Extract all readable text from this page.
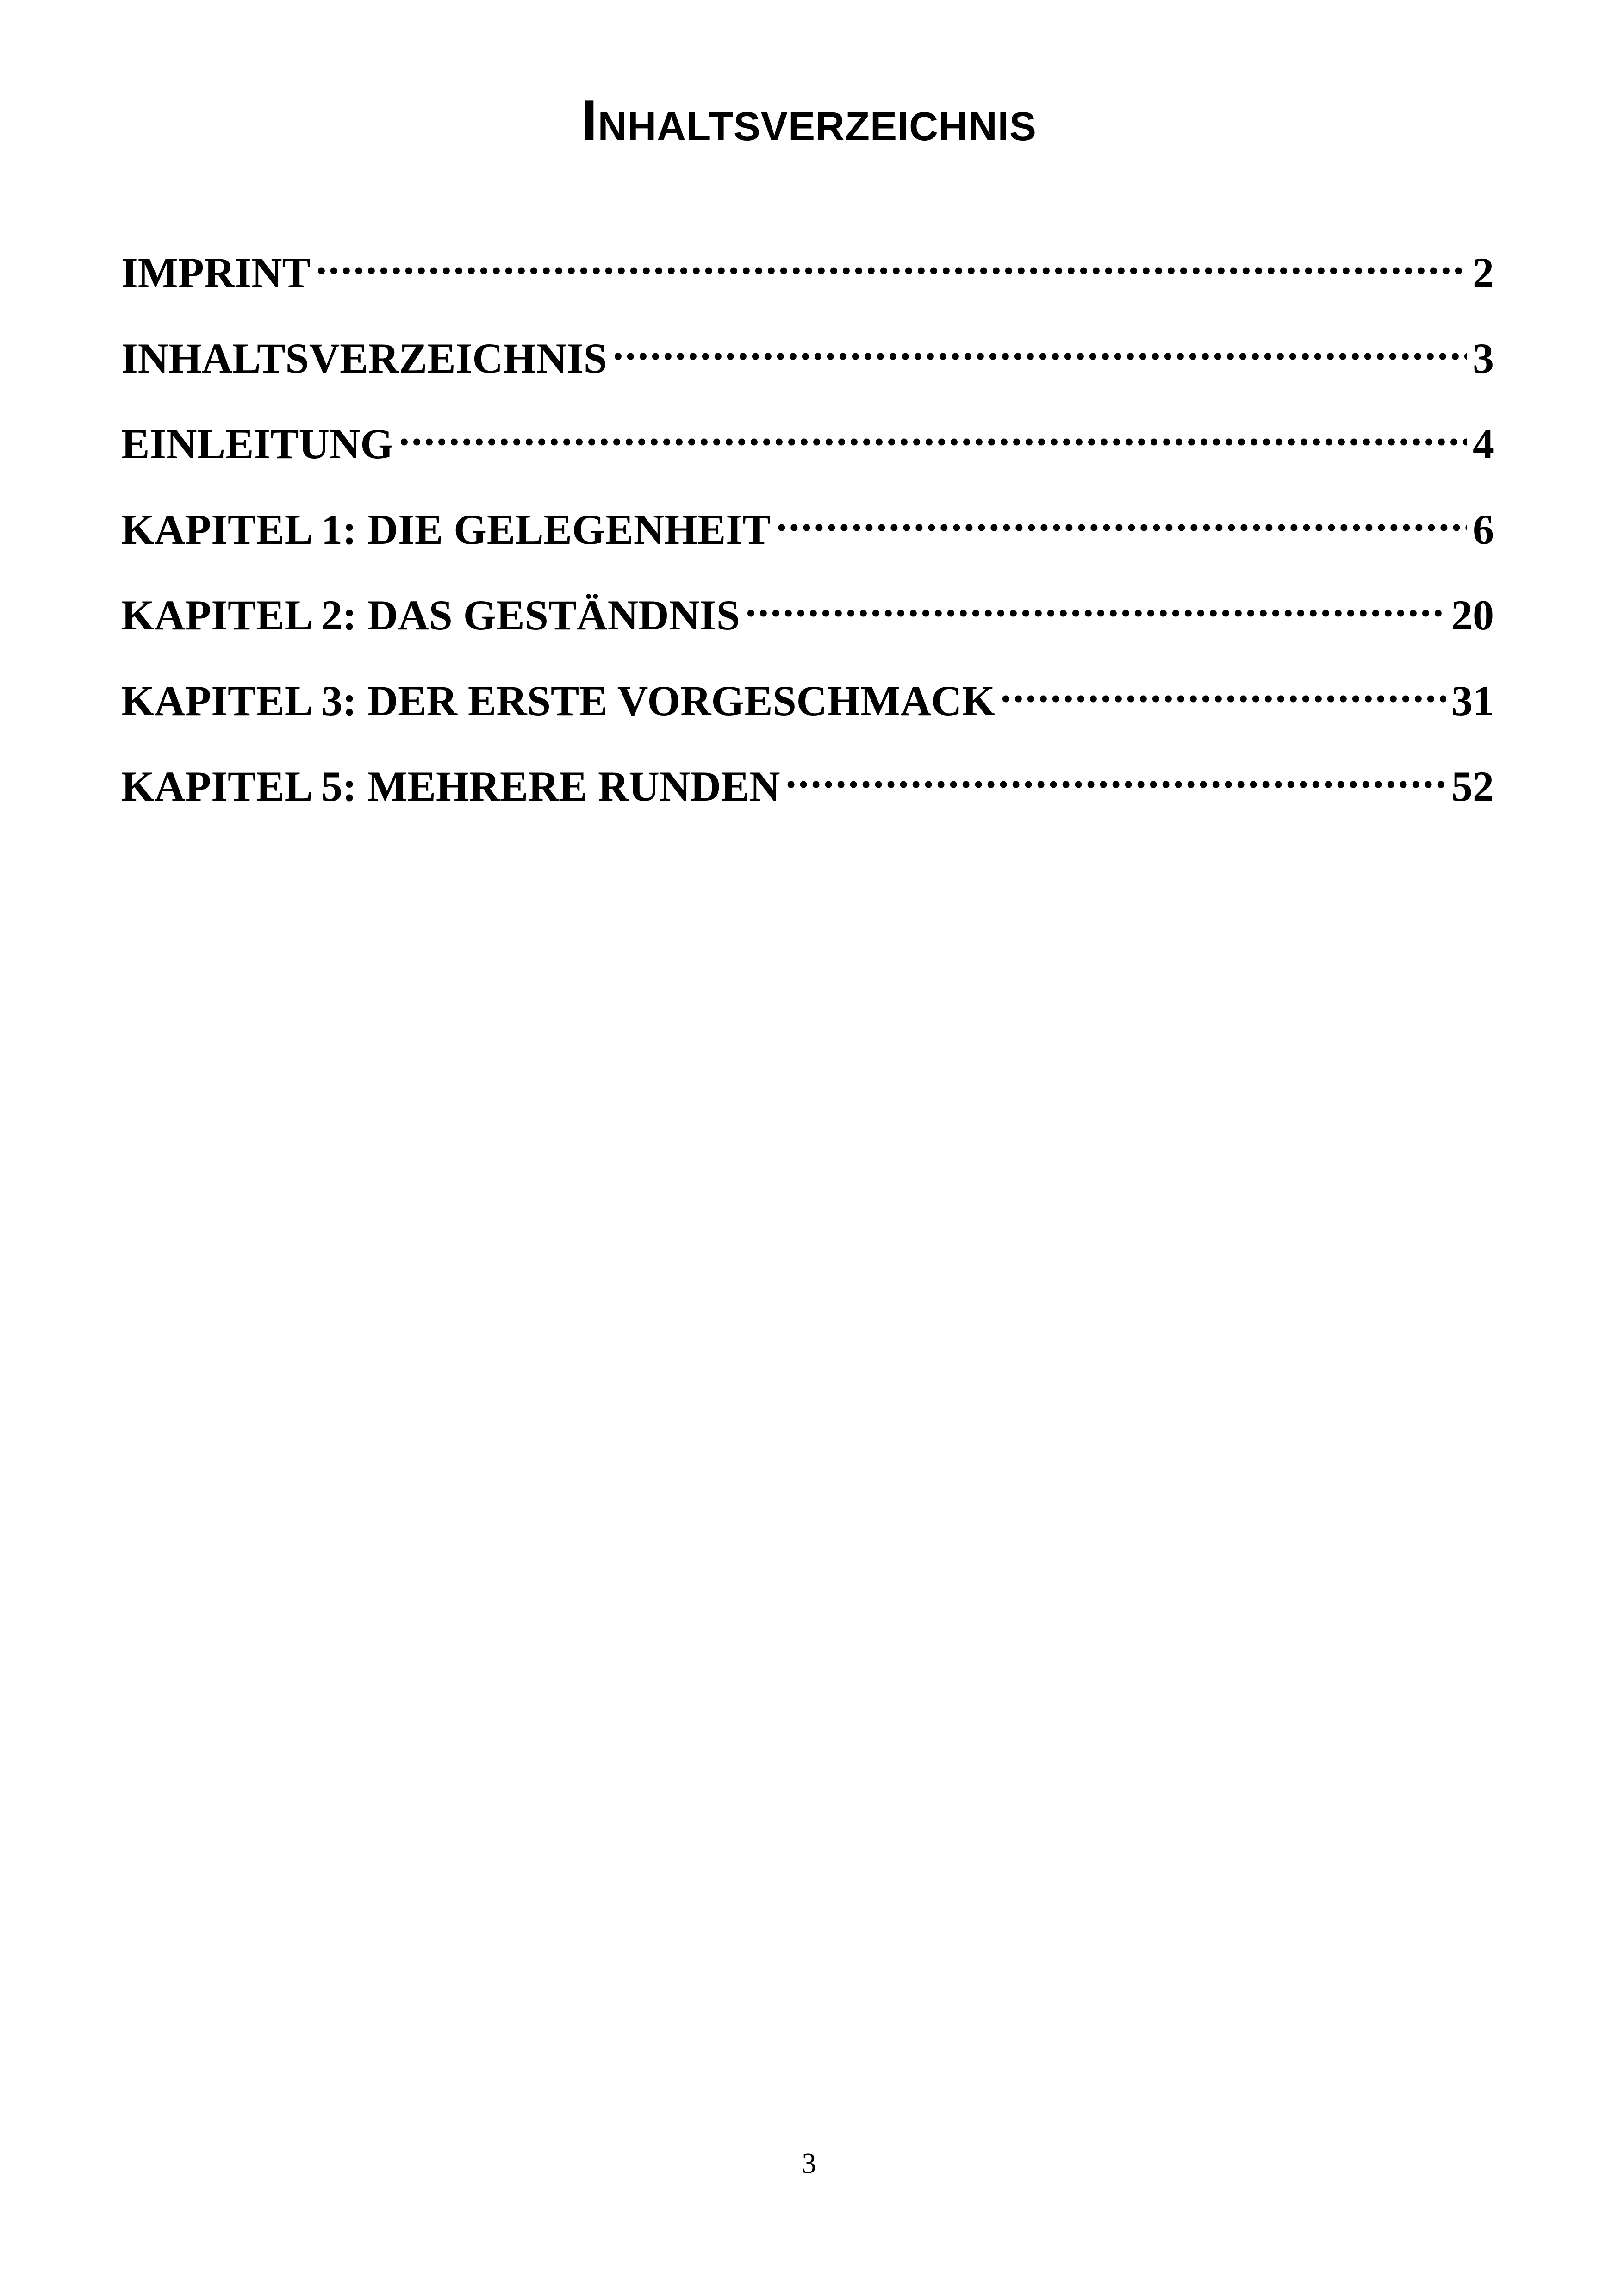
Inhaltsverzeichnis
IMPRINT .....	2
INHALTSVERZEICHNIS .....	3
EINLEITUNG .....	4
KAPITEL 1: DIE GELEGENHEIT .....	6
KAPITEL 2: DAS GESTÄNDNIS .....	20
KAPITEL 3: DER ERSTE VORGESCHMACK .....	31
KAPITEL 5: MEHRERE RUNDEN .....	52
3
